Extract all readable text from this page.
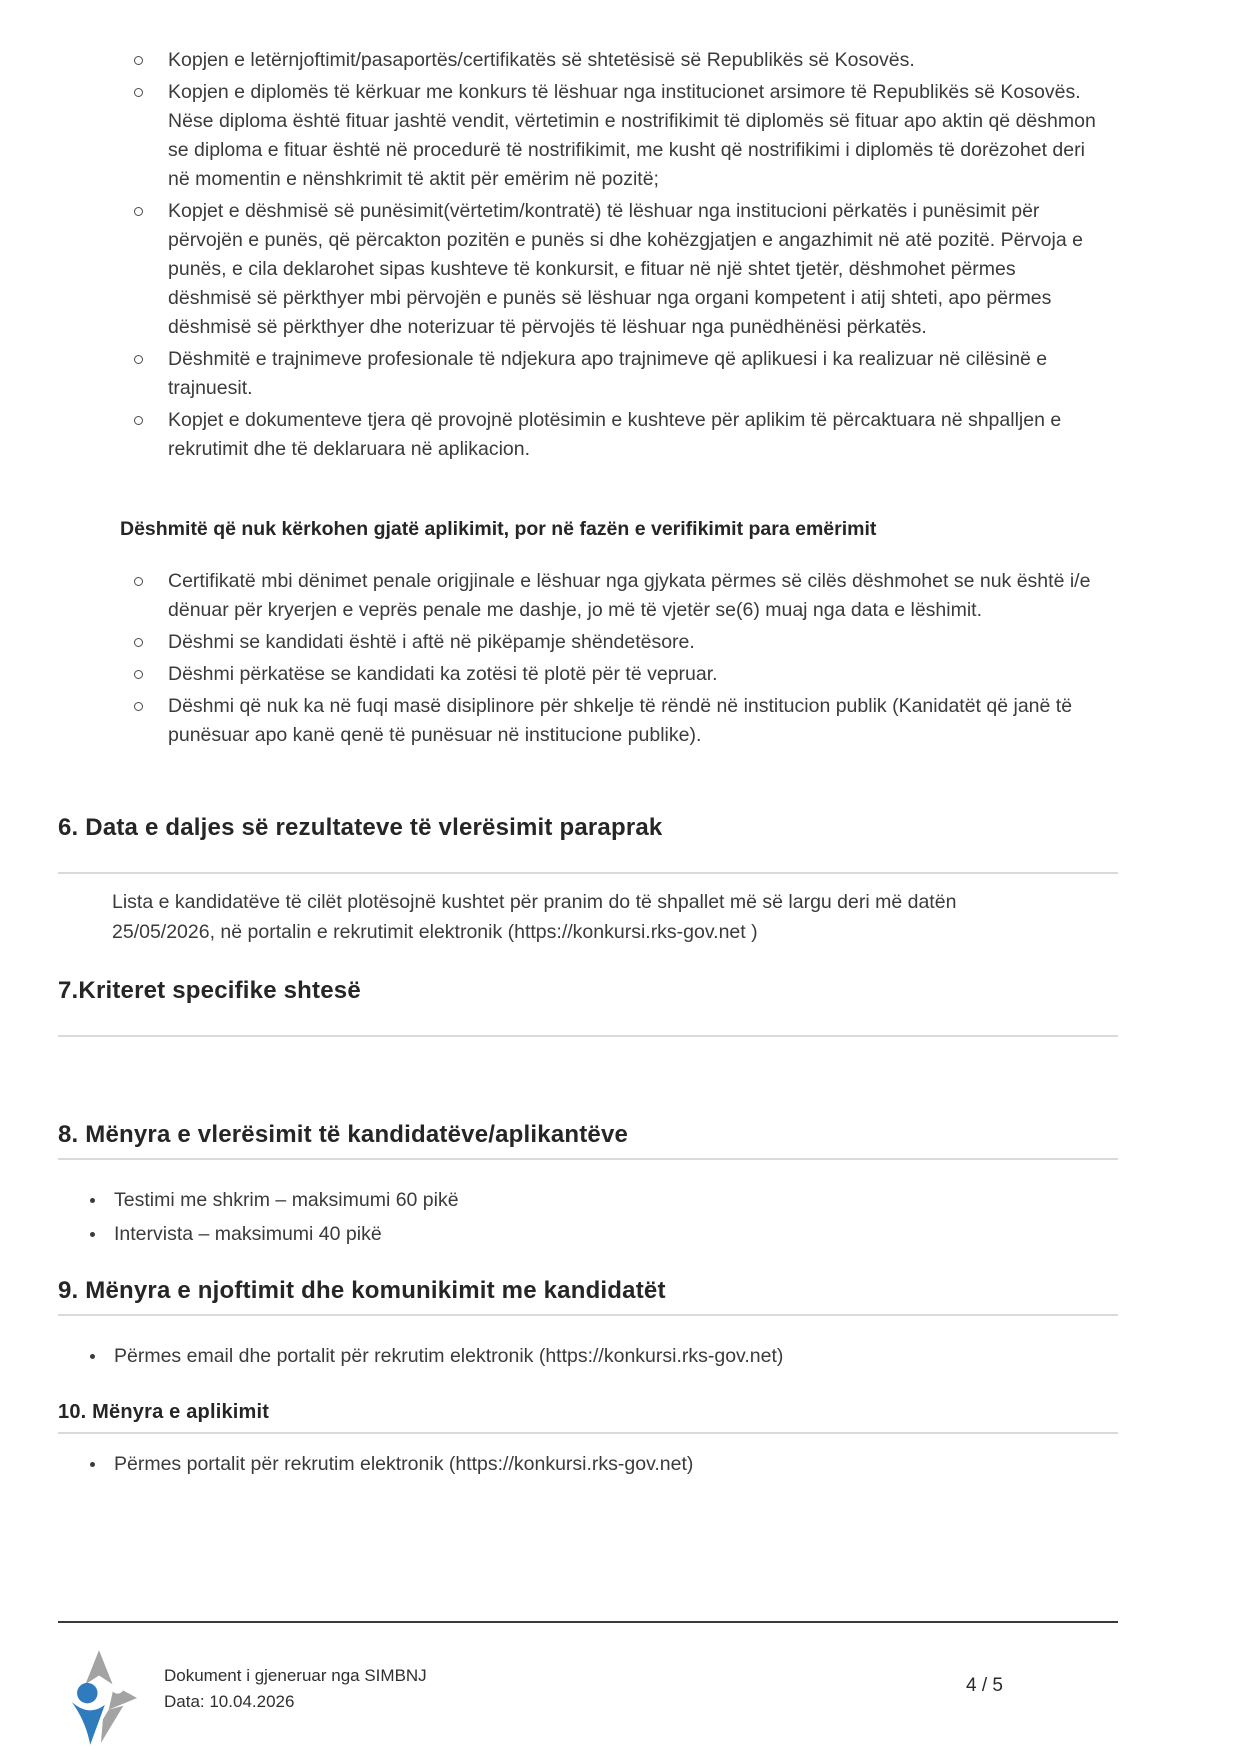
Kopjen e letërnjoftimit/pasaportës/certifikatës së shtetësisë së Republikës së Kosovës.
Kopjen e diplomës të kërkuar me konkurs të lëshuar nga institucionet arsimore të Republikës së Kosovës. Nëse diploma është fituar jashtë vendit, vërtetimin e nostrifikimit të diplomës së fituar apo aktin që dëshmon se diploma e fituar është në procedurë të nostrifikimit, me kusht që nostrifikimi i diplomës të dorëzohet deri në momentin e nënshkrimit të aktit për emërim në pozitë;
Kopjet e dëshmisë së punësimit(vërtetim/kontratë) të lëshuar nga institucioni përkatës i punësimit për përvojën e punës, që përcakton pozitën e punës si dhe kohëzgjatjen e angazhimit në atë pozitë. Përvoja e punës, e cila deklarohet sipas kushteve të konkursit, e fituar në një shtet tjetër, dëshmohet përmes dëshmisë së përkthyer mbi përvojën e punës së lëshuar nga organi kompetent i atij shteti, apo përmes dëshmisë së përkthyer dhe noterizuar të përvojës të lëshuar nga punëdhënësi përkatës.
Dëshmitë e trajnimeve profesionale të ndjekura apo trajnimeve që aplikuesi i ka realizuar në cilësinë e trajnuesit.
Kopjet e dokumenteve tjera që provojnë plotësimin e kushteve për aplikim të përcaktuara në shpalljen e rekrutimit dhe të deklaruara në aplikacion.

Dëshmitë që nuk kërkohen gjatë aplikimit, por në fazën e verifikimit para emërimit

Certifikatë mbi dënimet penale origjinale e lëshuar nga gjykata përmes së cilës dëshmohet se nuk është i/e dënuar për kryerjen e veprës penale me dashje, jo më të vjetër se(6) muaj nga data e lëshimit.
Dëshmi se kandidati është i aftë në pikëpamje shëndetësore.
Dëshmi përkatëse se kandidati ka zotësi të plotë për të vepruar.
Dëshmi që nuk ka në fuqi masë disiplinore për shkelje të rëndë në institucion publik (Kanidatët që janë të punësuar apo kanë qenë të punësuar në institucione publike).
6. Data e daljes së rezultateve të vlerësimit paraprak

Lista e kandidatëve të cilët plotësojnë kushtet për pranim do të shpallet më së largu deri më datën 25/05/2026, në portalin e rekrutimit elektronik (https://konkursi.rks-gov.net )

7.Kriteret specifike shtesë
8. Mënyra e vlerësimit të kandidatëve/aplikantëve
Testimi me shkrim – maksimumi 60 pikë
Intervista – maksimumi 40 pikë
9. Mënyra e njoftimit dhe komunikimit me kandidatët
Përmes email dhe portalit për rekrutim elektronik (https://konkursi.rks-gov.net)
10. Mënyra e aplikimit
Përmes portalit për rekrutim elektronik (https://konkursi.rks-gov.net)
Dokument i gjeneruar nga SIMBNJ
Data: 10.04.2026
4 / 5
